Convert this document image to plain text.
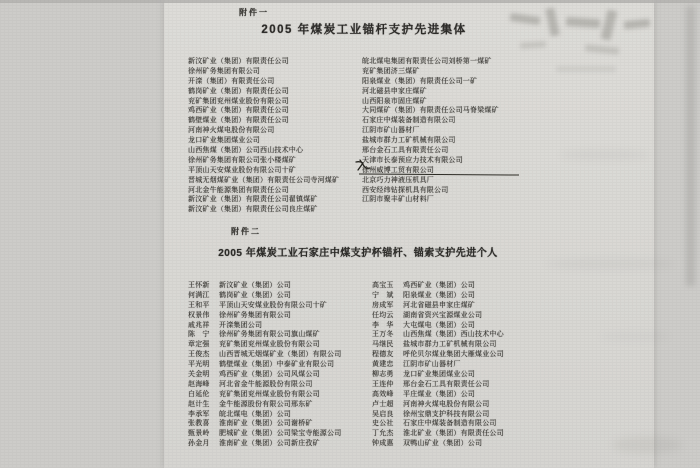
附件一
2005 年煤炭工业锚杆支护先进集体
新汶矿业（集团）有限责任公司
徐州矿务集团有限公司
开滦（集团）有限责任公司
鹤岗矿业（集团）有限责任公司
兖矿集团兖州煤业股份有限公司
鸡西矿业（集团）有限责任公司
鹤壁煤业（集团）有限责任公司
河南神火煤电股份有限公司
龙口矿业集团煤业公司
山西焦煤（集团）公司西山技术中心
徐州矿务集团有限公司张小楼煤矿
平顶山天安煤业股份有限公司十矿
晋城无烟煤矿业（集团）有限责任公司寺河煤矿
河北金牛能源集团有限责任公司
新汶矿业（集团）有限责任公司翟镇煤矿
新汶矿业（集团）有限责任公司良庄煤矿
皖北煤电集团有限责任公司刘桥第一煤矿
兖矿集团济三煤矿
阳泉煤业（集团）有限责任公司一矿
河北磁县申家庄煤矿
山西阳泉市固庄煤矿
大同煤矿（集团）有限责任公司马脊梁煤矿
石家庄中煤装备制造有限公司
江阴市矿山器材厂
盐城市群力工矿机械有限公司
邢台金石工具有限责任公司
天津市长泰预应力技术有限公司
徐州威博工贸有限公司
北京巧力神液压机具厂
西安经纬钻探机具有限公司
江阴市聚丰矿山材料厂
附件二
2005 年煤炭工业石家庄中煤支护杯锚杆、锚索支护先进个人
王怀新 新汶矿业（集团）公司
何满江 鹤岗矿业（集团）公司
王和平 平顶山天安煤业股份有限公司十矿
权景伟 徐州矿务集团有限公司
戚兆祥 开滦集团公司
陈　宁 徐州矿务集团有限公司旗山煤矿
章定强 兖矿集团兖州煤业股份有限公司
王俊杰 山西晋城无烟煤矿业（集团）有限公司
平光明 鹤壁煤业（集团）中泰矿业有限公司
关金明 鸡西矿业（集团）公司风煤公司
赵海峰 河北省金牛能源股份有限公司
白延伦 兖矿集团兖州煤业股份有限公司
赵计生 金牛能源股份有限公司邢东矿
李承军 皖北煤电（集团）公司
张教喜 淮南矿业（集团）公司谢桥矿
甄景岭 肥城矿业（集团）公司梁宝寺能源公司
孙金月 淮南矿业（集团）公司新庄孜矿
高宝玉 鸡西矿业（集团）公司
宁　斌 阳泉煤业（集团）公司
房成军 河北省磁县申家庄煤矿
任均云 湖南省资兴宝源煤业公司
李　华 大屯煤电（集团）公司
王万冬 山西焦煤（集团）西山技术中心
马继民 盐城市群力工矿机械有限公司
程德友 呼伦贝尔煤业集团大雁煤业公司
黄建忠 江阴市矿山器材厂
柳志勇 龙口矿业集团煤业公司
王连仲 邢台金石工具有限责任公司
高效峰 平庄煤业（集团）公司
卢士超 河南神火煤电股份有限公司
吴启良 徐州宝鼎支护科技有限公司
史公社 石家庄中煤装备制造有限公司
丁允杰 淮北矿业（集团）有限责任公司
钟成惠 双鸭山矿业（集团）公司
